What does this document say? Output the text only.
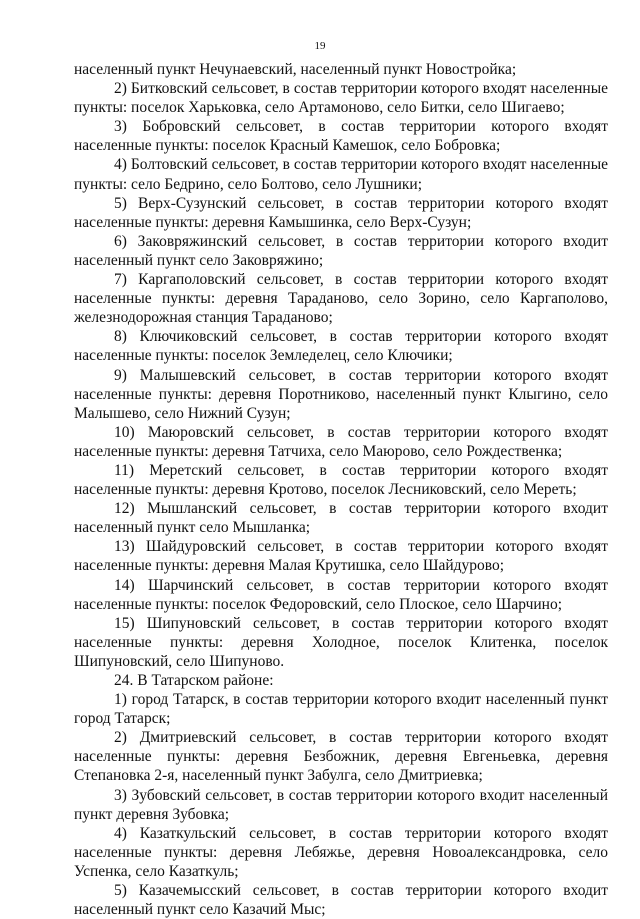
19

населенный пункт Нечунаевский, населенный пункт Новостройка;

2) Битковский сельсовет, в состав территории которого входят населенные пункты: поселок Харьковка, село Артамоново, село Битки, село Шигаево;

3) Бобровский сельсовет, в состав территории которого входят населенные пункты: поселок Красный Камешок, село Бобровка;

4) Болтовский сельсовет, в состав территории которого входят населенные пункты: село Бедрино, село Болтово, село Лушники;

5) Верх-Сузунский сельсовет, в состав территории которого входят населенные пункты: деревня Камышинка, село Верх-Сузун;

6) Заковряжинский сельсовет, в состав территории которого входит населенный пункт село Заковряжино;

7) Каргаполовский сельсовет, в состав территории которого входят населенные пункты: деревня Тараданово, село Зорино, село Каргаполово, железнодорожная станция Тараданово;

8) Ключиковский сельсовет, в состав территории которого входят населенные пункты: поселок Земледелец, село Ключики;

9) Малышевский сельсовет, в состав территории которого входят населенные пункты: деревня Поротниково, населенный пункт Клыгино, село Малышево, село Нижний Сузун;

10) Маюровский сельсовет, в состав территории которого входят населенные пункты: деревня Татчиха, село Маюрово, село Рождественка;

11) Меретский сельсовет, в состав территории которого входят населенные пункты: деревня Кротово, поселок Лесниковский, село Мереть;

12) Мышланский сельсовет, в состав территории которого входит населенный пункт село Мышланка;

13) Шайдуровский сельсовет, в состав территории которого входят населенные пункты: деревня Малая Крутишка, село Шайдурово;

14) Шарчинский сельсовет, в состав территории которого входят населенные пункты: поселок Федоровский, село Плоское, село Шарчино;

15) Шипуновский сельсовет, в состав территории которого входят населенные пункты: деревня Холодное, поселок Клитенка, поселок Шипуновский, село Шипуново.

24. В Татарском районе:

1) город Татарск, в состав территории которого входит населенный пункт город Татарск;

2) Дмитриевский сельсовет, в состав территории которого входят населенные пункты: деревня Безбожник, деревня Евгеньевка, деревня Степановка 2-я, населенный пункт Забулга, село Дмитриевка;

3) Зубовский сельсовет, в состав территории которого входит населенный пункт деревня Зубовка;

4) Казаткульский сельсовет, в состав территории которого входят населенные пункты: деревня Лебяжье, деревня Новоалександровка, село Успенка, село Казаткуль;

5) Казачемысский сельсовет, в состав территории которого входит населенный пункт село Казачий Мыс;
